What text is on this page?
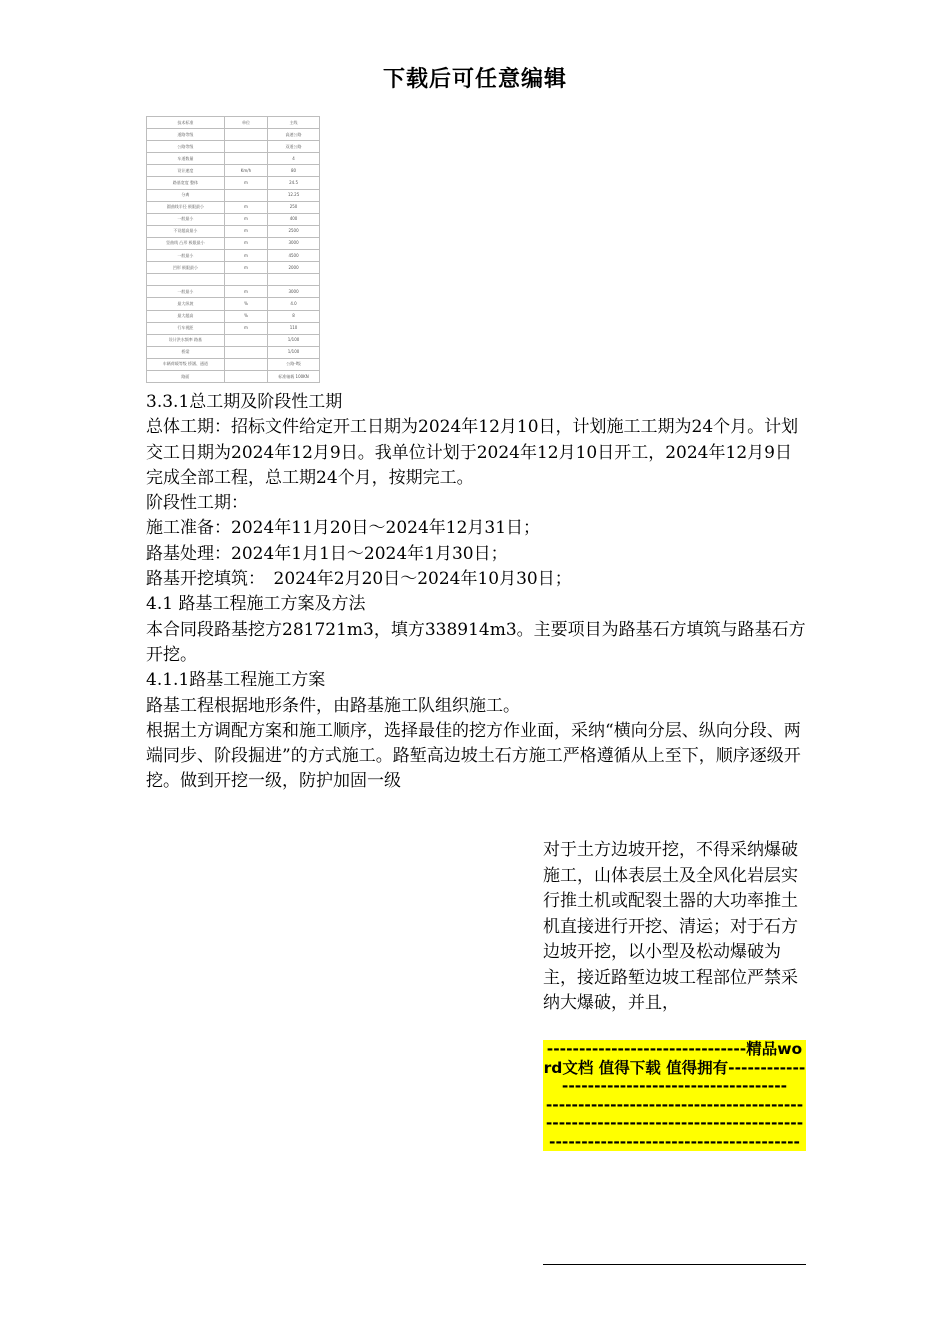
下载后可任意编辑
技术标准	单位	主线
道路等级		高速公路
公路等级		双道公路
车道数量		4
设计速度	Km/h	80
路基宽度 整体	m	24.5
分离		12.25
圆曲线半径 极限最小	m	250
一般最小	m	400
不设超高最小	m	2500
竖曲线 凸形 极限最小	m	3000
一般最小	m	4500
凹形 极限最小	m	2000

一般最小	m	3000
最大纵坡	%	4.0
最大超高	%	8
行车视距	m	110
设计洪水频率 路基		1/100
桥梁		1/100
车辆荷载等级 桥涵、通道		公路-I级
路面		标准轴载 100KN

3.3.1总工期及阶段性工期

总体工期：招标文件给定开工日期为2024年12月10日，计划施工工期为24个月。计划交工日期为2024年12月9日。我单位计划于2024年12月10日开工，2024年12月9日完成全部工程，总工期24个月，按期完工。

阶段性工期：

施工准备：2024年11月20日～2024年12月31日；

路基处理：2024年1月1日～2024年1月30日；

路基开挖填筑：　2024年2月20日～2024年10月30日；

4.1 路基工程施工方案及方法

本合同段路基挖方281721m3，填方338914m3。主要项目为路基石方填筑与路基石方开挖。

4.1.1路基工程施工方案

路基工程根据地形条件，由路基施工队组织施工。

根据土方调配方案和施工顺序，选择最佳的挖方作业面，采纳“横向分层、纵向分段、两端同步、阶段掘进”的方式施工。路堑高边坡土石方施工严格遵循从上至下，顺序逐级开挖。做到开挖一级，防护加固一级

对于土方边坡开挖，不得采纳爆破施工，山体表层土及全风化岩层实行推土机或配裂土器的大功率推土机直接进行开挖、清运；对于石方边坡开挖，以小型及松动爆破为主，接近路堑边坡工程部位严禁采纳大爆破，并且，

-------------------------------精品word文档 值得下载 值得拥有-----------------------------------------------
-----------------------------------------------------------------------------------------------------------------------
